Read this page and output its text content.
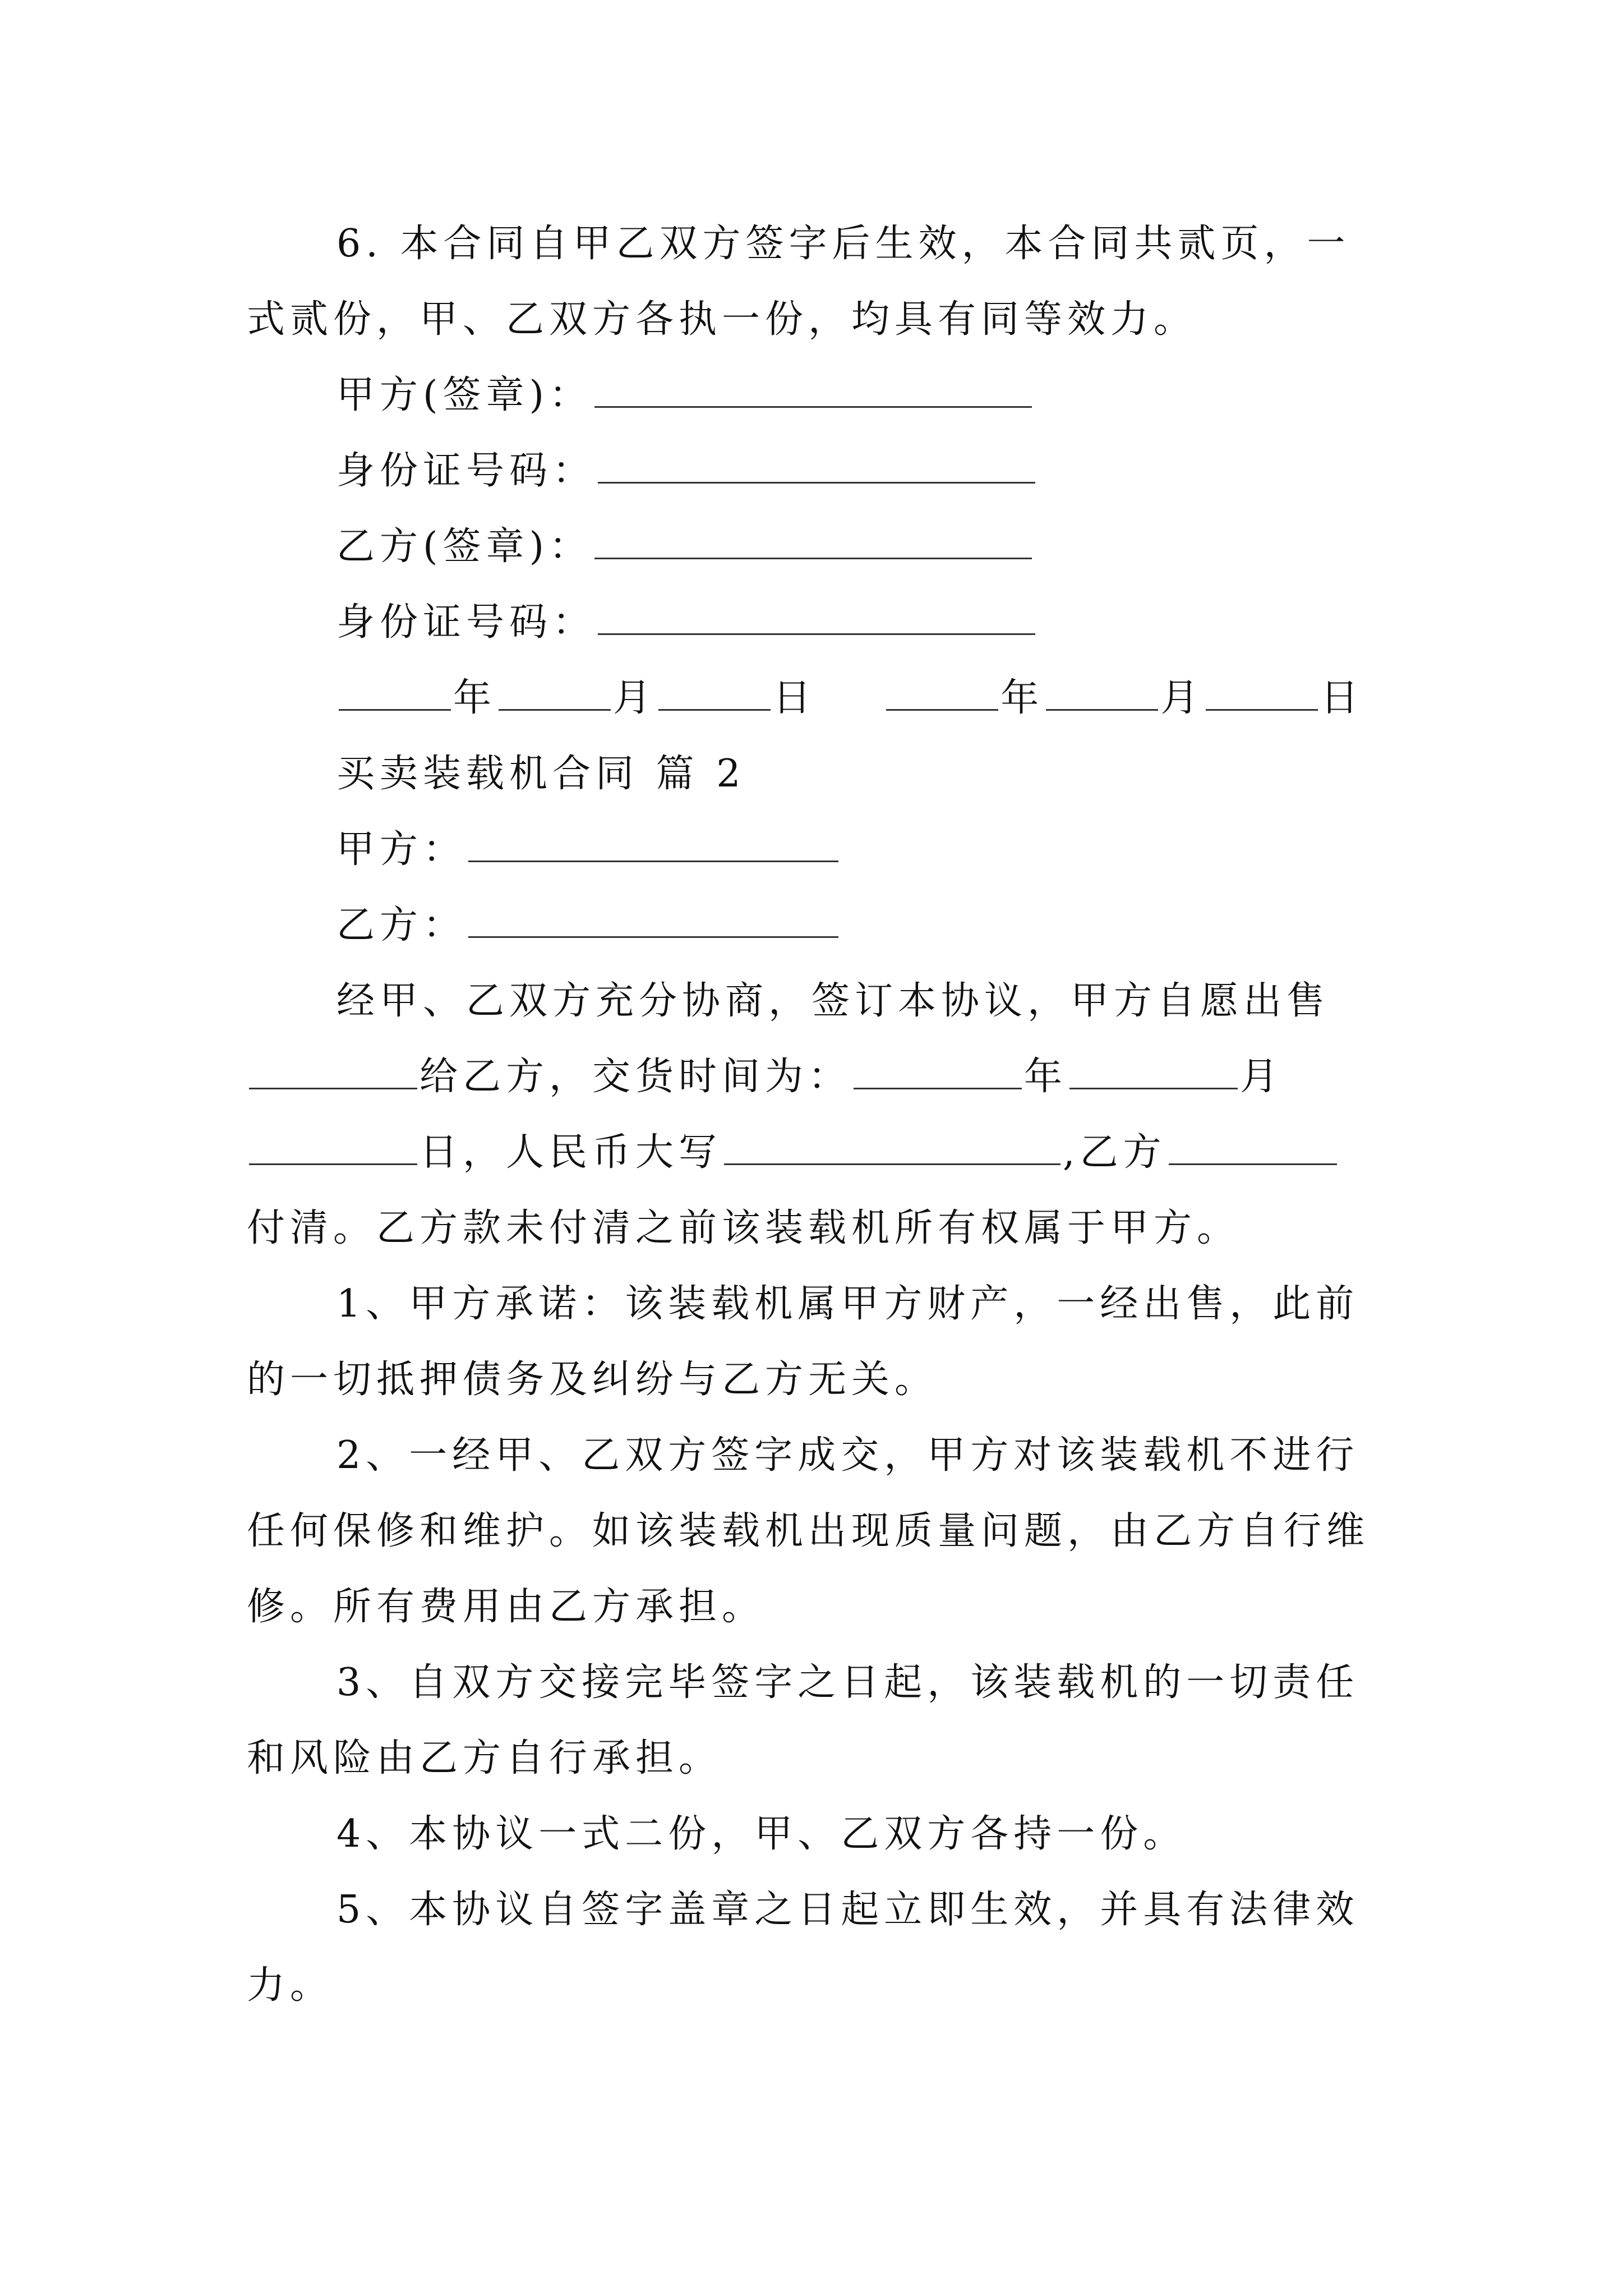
6. 本合同自甲乙双方签字后生效，本合同共贰页，一
式贰份，甲、乙双方各执一份，均具有同等效力。
甲方(签章)：
身份证号码：
乙方(签章)：
身份证号码：
年	月	日	年	月	日
买卖装载机合同 篇 2
甲方：
乙方：
经甲、乙双方充分协商，签订本协议，甲方自愿出售
给乙方，交货时间为：	年	月
日，人民币大写	,乙方
付清。乙方款未付清之前该装载机所有权属于甲方。
1、甲方承诺：该装载机属甲方财产，一经出售，此前
的一切抵押债务及纠纷与乙方无关。
2、一经甲、乙双方签字成交，甲方对该装载机不进行
任何保修和维护。如该装载机出现质量问题，由乙方自行维
修。所有费用由乙方承担。
3、自双方交接完毕签字之日起，该装载机的一切责任
和风险由乙方自行承担。
4、本协议一式二份，甲、乙双方各持一份。
5、本协议自签字盖章之日起立即生效，并具有法律效
力。
